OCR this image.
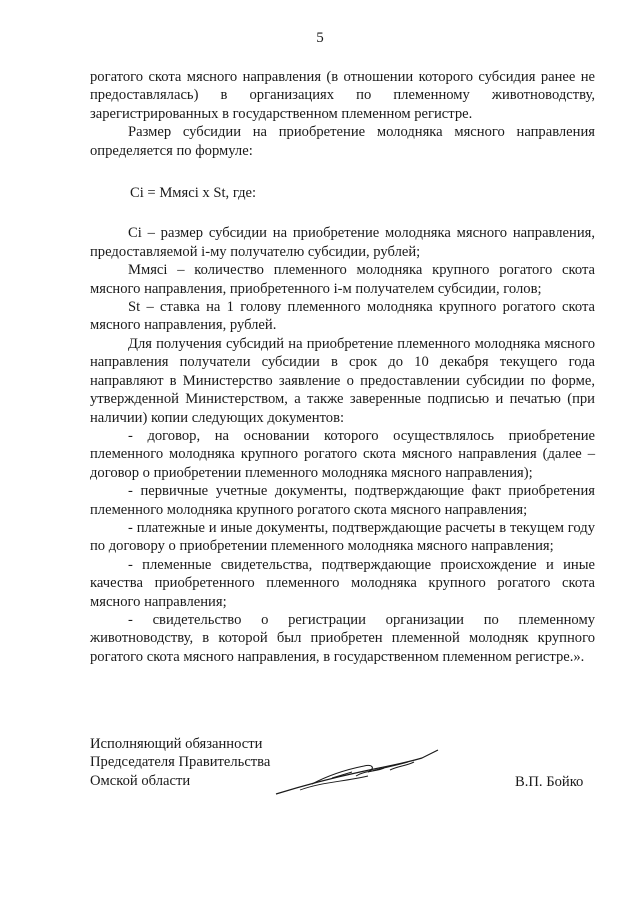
5

рогатого скота мясного направления (в отношении которого субсидия ранее не предоставлялась) в организациях по племенному животноводству, зарегистрированных в государственном племенном регистре.

Размер субсидии на приобретение молодняка мясного направления определяется по формуле:

Ci = Ммясi x St, где:

Ci – размер субсидии на приобретение молодняка мясного направления, предоставляемой i-му получателю субсидии, рублей;

Ммясi – количество племенного молодняка крупного рогатого скота мясного направления, приобретенного i-м получателем субсидии, голов;

St – ставка на 1 голову племенного молодняка крупного рогатого скота мясного направления, рублей.

Для получения субсидий на приобретение племенного молодняка мясного направления получатели субсидии в срок до 10 декабря текущего года направляют в Министерство заявление о предоставлении субсидии по форме, утвержденной Министерством, а также заверенные подписью и печатью (при наличии) копии следующих документов:

- договор, на основании которого осуществлялось приобретение племенного молодняка крупного рогатого скота мясного направления (далее – договор о приобретении племенного молодняка мясного направления);

- первичные учетные документы, подтверждающие факт приобретения племенного молодняка крупного рогатого скота мясного направления;

- платежные и иные документы, подтверждающие расчеты в текущем году по договору о приобретении племенного молодняка мясного направления;

- племенные свидетельства, подтверждающие происхождение и иные качества приобретенного племенного молодняка крупного рогатого скота мясного направления;

- свидетельство о регистрации организации по племенному животноводству, в которой был приобретен племенной молодняк крупного рогатого скота мясного направления, в государственном племенном регистре.».

Исполняющий обязанности
Председателя Правительства
Омской области	В.П. Бойко
